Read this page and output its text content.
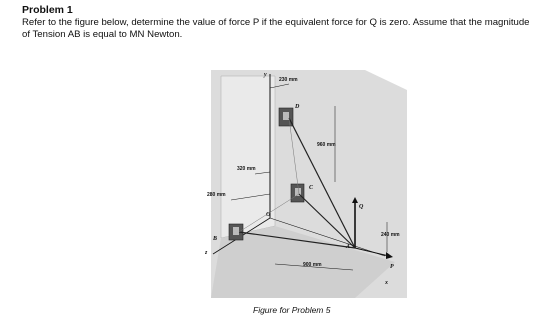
Problem 1

Refer to the figure below, determine the value of force P if the equivalent force for Q is zero. Assume that the magnitude of Tension AB is equal to MN Newton.

y
z
D
C
B
O
A
Q
P
x
230 mm
960 mm
320 mm
280 mm
240 mm
900 mm
Figure for Problem 5
